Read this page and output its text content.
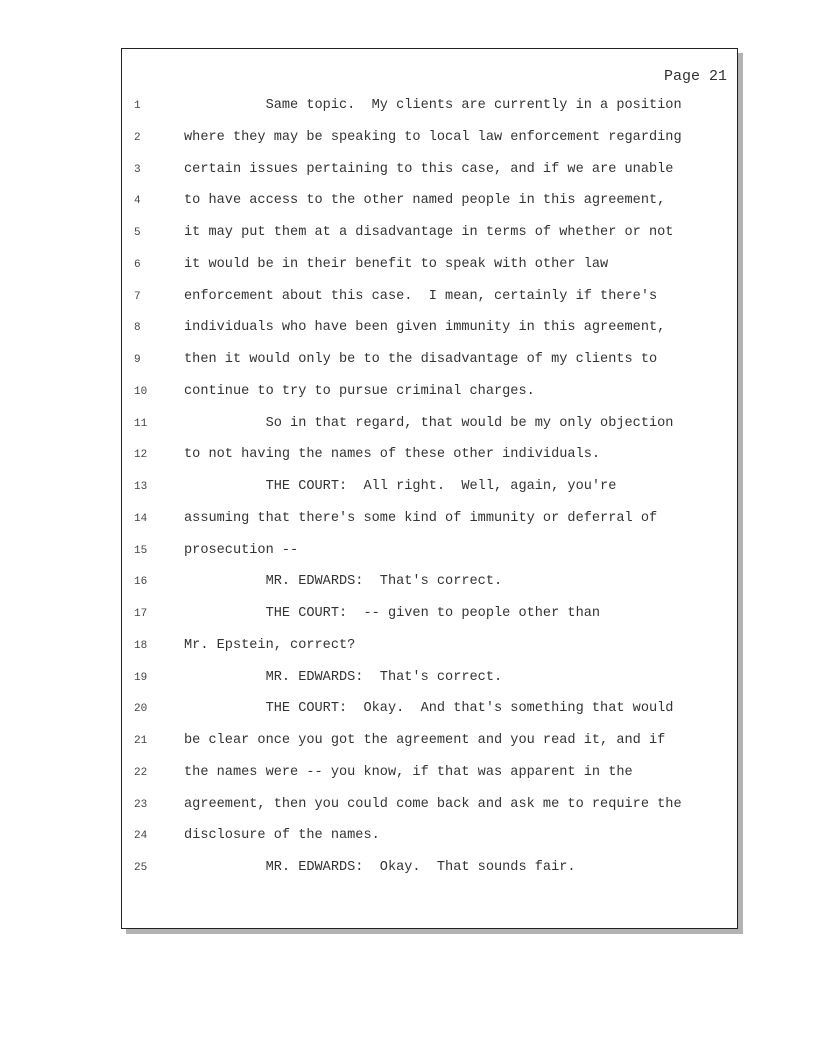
Page 21
1	Same topic.  My clients are currently in a position
2	where they may be speaking to local law enforcement regarding
3	certain issues pertaining to this case, and if we are unable
4	to have access to the other named people in this agreement,
5	it may put them at a disadvantage in terms of whether or not
6	it would be in their benefit to speak with other law
7	enforcement about this case.  I mean, certainly if there's
8	individuals who have been given immunity in this agreement,
9	then it would only be to the disadvantage of my clients to
10	continue to try to pursue criminal charges.
11	So in that regard, that would be my only objection
12	to not having the names of these other individuals.
13	THE COURT:  All right.  Well, again, you're
14	assuming that there's some kind of immunity or deferral of
15	prosecution --
16	MR. EDWARDS:  That's correct.
17	THE COURT:  -- given to people other than
18	Mr. Epstein, correct?
19	MR. EDWARDS:  That's correct.
20	THE COURT:  Okay.  And that's something that would
21	be clear once you got the agreement and you read it, and if
22	the names were -- you know, if that was apparent in the
23	agreement, then you could come back and ask me to require the
24	disclosure of the names.
25	MR. EDWARDS:  Okay.  That sounds fair.
